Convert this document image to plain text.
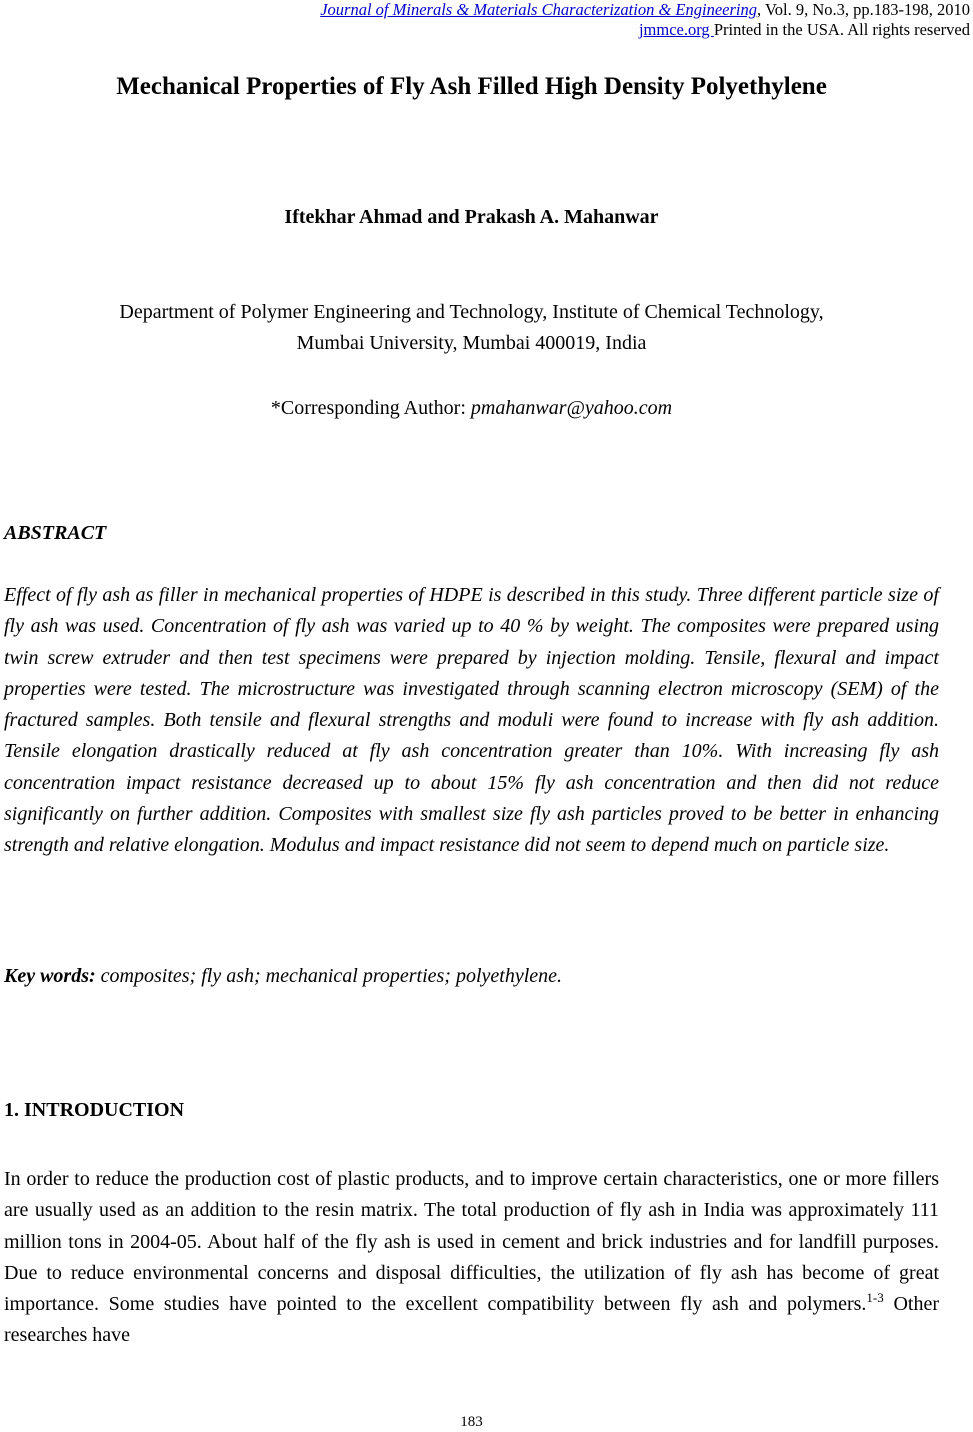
Journal of Minerals & Materials Characterization & Engineering, Vol. 9, No.3, pp.183-198, 2010
jmmce.org Printed in the USA. All rights reserved
Mechanical Properties of Fly Ash Filled High Density Polyethylene
Iftekhar Ahmad and Prakash A. Mahanwar
Department of Polymer Engineering and Technology, Institute of Chemical Technology,
Mumbai University, Mumbai 400019, India
*Corresponding Author: pmahanwar@yahoo.com
ABSTRACT
Effect of fly ash as filler in mechanical properties of HDPE is described in this study. Three different particle size of fly ash was used. Concentration of fly ash was varied up to 40 % by weight. The composites were prepared using twin screw extruder and then test specimens were prepared by injection molding. Tensile, flexural and impact properties were tested. The microstructure was investigated through scanning electron microscopy (SEM) of the fractured samples. Both tensile and flexural strengths and moduli were found to increase with fly ash addition. Tensile elongation drastically reduced at fly ash concentration greater than 10%. With increasing fly ash concentration impact resistance decreased up to about 15% fly ash concentration and then did not reduce significantly on further addition. Composites with smallest size fly ash particles proved to be better in enhancing strength and relative elongation. Modulus and impact resistance did not seem to depend much on particle size.
Key words: composites; fly ash; mechanical properties; polyethylene.
1. INTRODUCTION
In order to reduce the production cost of plastic products, and to improve certain characteristics, one or more fillers are usually used as an addition to the resin matrix. The total production of fly ash in India was approximately 111 million tons in 2004-05. About half of the fly ash is used in cement and brick industries and for landfill purposes. Due to reduce environmental concerns and disposal difficulties, the utilization of fly ash has become of great importance. Some studies have pointed to the excellent compatibility between fly ash and polymers.$^{1-3}$ Other researches have
183
